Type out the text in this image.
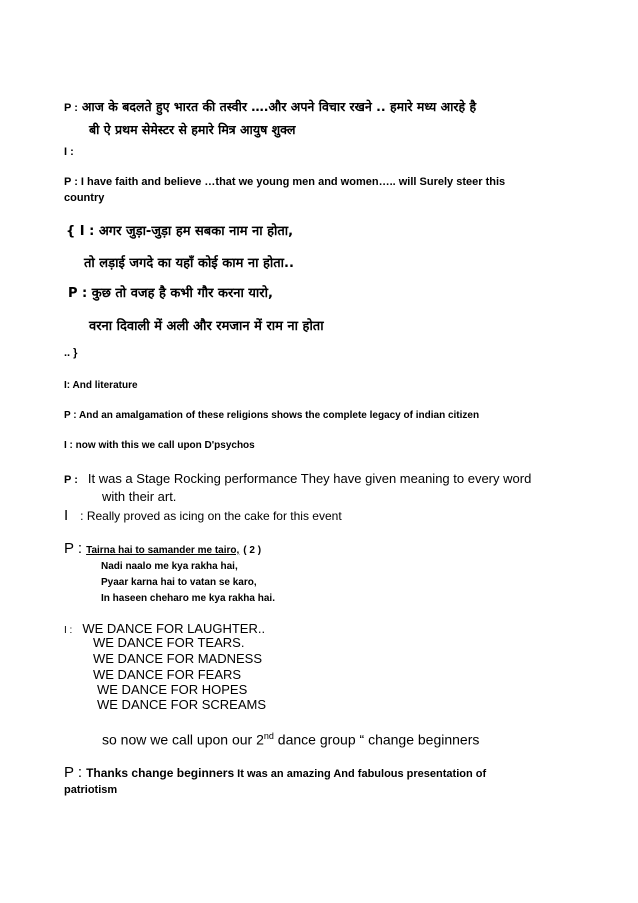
P : आज के बदलते हुए भारत की तस्वीर ….और अपने विचार रखने .. हमारे मध्य आरहे है
बी ऐ प्रथम सेमेस्टर से हमारे मित्र आयुष शुक्ल
I :
P : I have faith and believe …that we young men and women….. will Surely steer this
country
{ I : अगर जुड़ा-जुड़ा हम सबका नाम ना होता,
तो लड़ाई जगदे का यहाँ कोई काम ना होता..
P : कुछ तो वजह है कभी गौर करना यारो,
वरना दिवाली में अली और रमजान में राम ना होता
.. }
I: And literature
P : And an amalgamation of these religions shows the complete legacy of indian citizen
I : now with this we call upon D'psychos
P : It was a Stage Rocking performance They have given meaning to every word
with their art.
I : Really proved as icing on the cake for this event
P : Tairna hai to samander me tairo, ( 2 )
Nadi naalo me kya rakha hai,
Pyaar karna hai to vatan se karo,
In haseen cheharo me kya rakha hai.
I : WE DANCE FOR LAUGHTER..
WE DANCE FOR TEARS.
WE DANCE FOR MADNESS
WE DANCE FOR FEARS
WE DANCE FOR HOPES
WE DANCE FOR SCREAMS
so now we call upon our 2nd dance group “ change beginners
P : Thanks change beginners It was an amazing And fabulous presentation of
patriotism
